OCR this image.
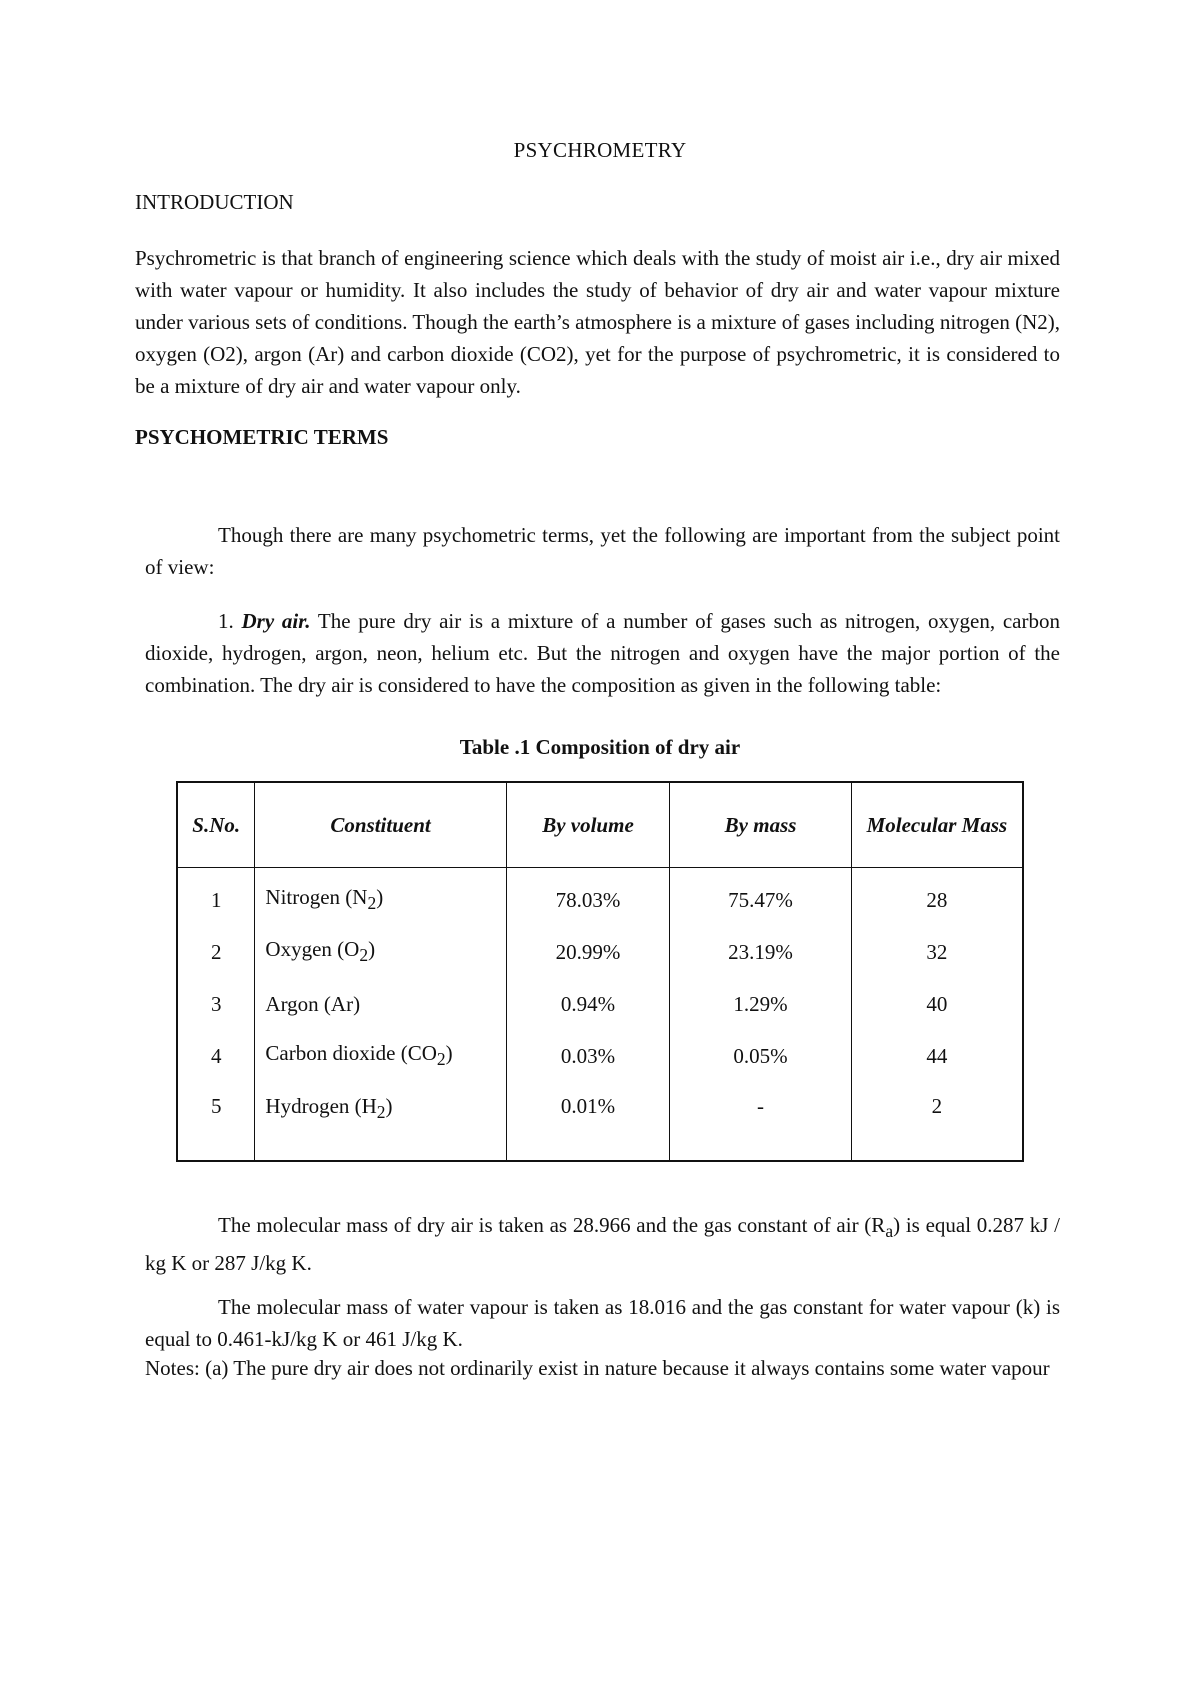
PSYCHROMETRY
INTRODUCTION

Psychrometric is that branch of engineering science which deals with the study of moist air i.e., dry air mixed with water vapour or humidity. It also includes the study of behavior of dry air and water vapour mixture under various sets of conditions. Though the earth’s atmosphere is a mixture of gases including nitrogen (N2), oxygen (O2), argon (Ar) and carbon dioxide (CO2), yet for the purpose of psychrometric, it is considered to be a mixture of dry air and water vapour only.

PSYCHOMETRIC TERMS

Though there are many psychometric terms, yet the following are important from the subject point of view:

1. Dry air. The pure dry air is a mixture of a number of gases such as nitrogen, oxygen, carbon dioxide, hydrogen, argon, neon, helium etc. But the nitrogen and oxygen have the major portion of the combination. The dry air is considered to have the composition as given in the following table:

Table .1 Composition of dry air
S.No.	Constituent	By volume	By mass	Molecular Mass
1	Nitrogen $(N_2)$	78.03%	75.47%	28
2	Oxygen $(O_2)$	20.99%	23.19%	32
3	Argon (Ar)	0.94%	1.29%	40
4	Carbon dioxide $(CO_2)$	0.03%	0.05%	44
5	Hydrogen $(H_2)$	0.01%	-	2

The molecular mass of dry air is taken as 28.966 and the gas constant of air $(R_a)$ is equal 0.287 kJ / kg K or 287 J/kg K.

The molecular mass of water vapour is taken as 18.016 and the gas constant for water vapour (k) is equal to 0.461-kJ/kg K or 461 J/kg K.

Notes: (a) The pure dry air does not ordinarily exist in nature because it always contains some water vapour
